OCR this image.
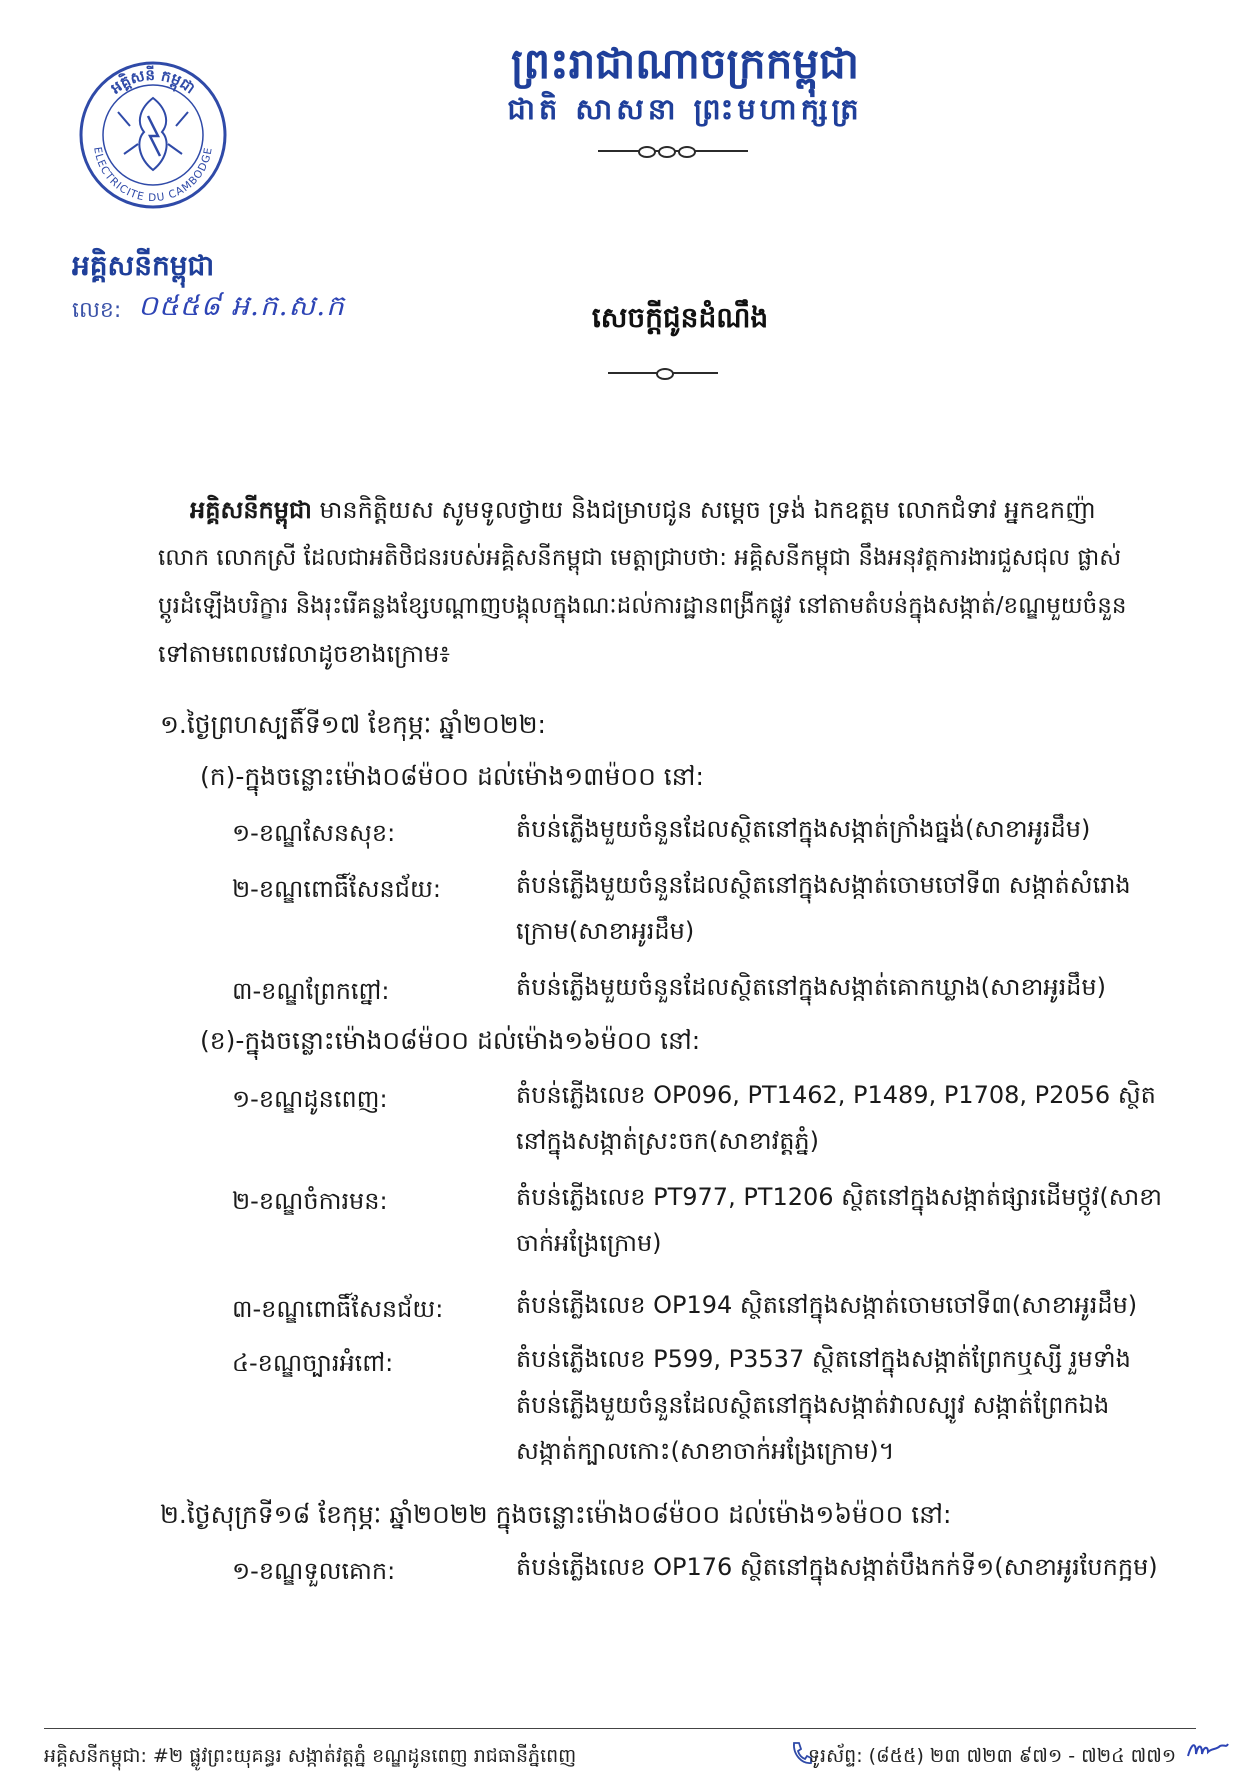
អគ្គិសនី កម្ពុជា
ELECTRICITE DU CAMBODGE
ព្រះរាជាណាចក្រកម្ពុជា
ជាតិ សាសនា ព្រះមហាក្សត្រ
អគ្គិសនីកម្ពុជា
លេខ: ០៥៥៨ អ.ក.ស.ក	សេចក្តីជូនដំណឹង

អគ្គិសនីកម្ពុជា មានកិត្តិយស សូមទូលថ្វាយ និងជម្រាបជូន សម្តេច ទ្រង់ ឯកឧត្តម លោកជំទាវ អ្នកឧកញ៉ា

លោក លោកស្រី ដែលជាអតិថិជនរបស់អគ្គិសនីកម្ពុជា មេត្តាជ្រាបថា: អគ្គិសនីកម្ពុជា នឹងអនុវត្តការងារជួសជុល ផ្លាស់

ប្តូរដំឡើងបរិក្ខារ និងរុះរើគន្លងខ្សែបណ្តាញបង្គុលក្នុងណៈដល់ការដ្ឋានពង្រីកផ្លូវ នៅតាមតំបន់ក្នុងសង្កាត់/ខណ្ឌមួយចំនួន

ទៅតាមពេលវេលាដូចខាងក្រោម៖

១.ថ្ងៃព្រហស្បតិ៍ទី១៧ ខែកុម្ភៈ ឆ្នាំ២០២២:
(ក)-ក្នុងចន្លោះម៉ោង០៨ម៉០០ ដល់ម៉ោង១៣ម៉០០ នៅ:
១-ខណ្ឌសែនសុខ:	តំបន់ភ្លើងមួយចំនួនដែលស្ថិតនៅក្នុងសង្កាត់ក្រាំងធ្នង់(សាខាអូរដឹម)
២-ខណ្ឌពោធិ៍សែនជ័យ:	តំបន់ភ្លើងមួយចំនួនដែលស្ថិតនៅក្នុងសង្កាត់ចោមចៅទី៣ សង្កាត់សំរោងក្រោម(សាខាអូរដឹម)
៣-ខណ្ឌព្រែកព្នៅ:	តំបន់ភ្លើងមួយចំនួនដែលស្ថិតនៅក្នុងសង្កាត់គោកឃ្លាង(សាខាអូរដឹម)
(ខ)-ក្នុងចន្លោះម៉ោង០៨ម៉០០ ដល់ម៉ោង១៦ម៉០០ នៅ:
១-ខណ្ឌដូនពេញ:	តំបន់ភ្លើងលេខ OP096, PT1462, P1489, P1708, P2056 ស្ថិតនៅក្នុងសង្កាត់ស្រះចក(សាខាវត្តភ្នំ)
២-ខណ្ឌចំការមន:	តំបន់ភ្លើងលេខ PT977, PT1206 ស្ថិតនៅក្នុងសង្កាត់ផ្សារដើមថ្កូវ(សាខាចាក់អង្រែក្រោម)
៣-ខណ្ឌពោធិ៍សែនជ័យ:	តំបន់ភ្លើងលេខ OP194 ស្ថិតនៅក្នុងសង្កាត់ចោមចៅទី៣(សាខាអូរដឹម)
៤-ខណ្ឌច្បារអំពៅ:	តំបន់ភ្លើងលេខ P599, P3537 ស្ថិតនៅក្នុងសង្កាត់ព្រែកឬស្សី រួមទាំងតំបន់ភ្លើងមួយចំនួនដែលស្ថិតនៅក្នុងសង្កាត់វាលស្បូវ សង្កាត់ព្រែកឯង សង្កាត់ក្បាលកោះ(សាខាចាក់អង្រែក្រោម)។
២.ថ្ងៃសុក្រទី១៨ ខែកុម្ភៈ ឆ្នាំ២០២២ ក្នុងចន្លោះម៉ោង០៨ម៉០០ ដល់ម៉ោង១៦ម៉០០ នៅ:
១-ខណ្ឌទួលគោក:	តំបន់ភ្លើងលេខ OP176 ស្ថិតនៅក្នុងសង្កាត់បឹងកក់ទី១(សាខាអូរបែកក្អម)
អគ្គិសនីកម្ពុជា: #២ ផ្លូវព្រះយុគន្ធរ សង្កាត់វត្តភ្នំ ខណ្ឌដូនពេញ រាជធានីភ្នំពេញ	ទូរស័ព្ទ: (៨៥៥) ២៣ ៧២៣ ៩៧១ - ៧២៤ ៧៧១
